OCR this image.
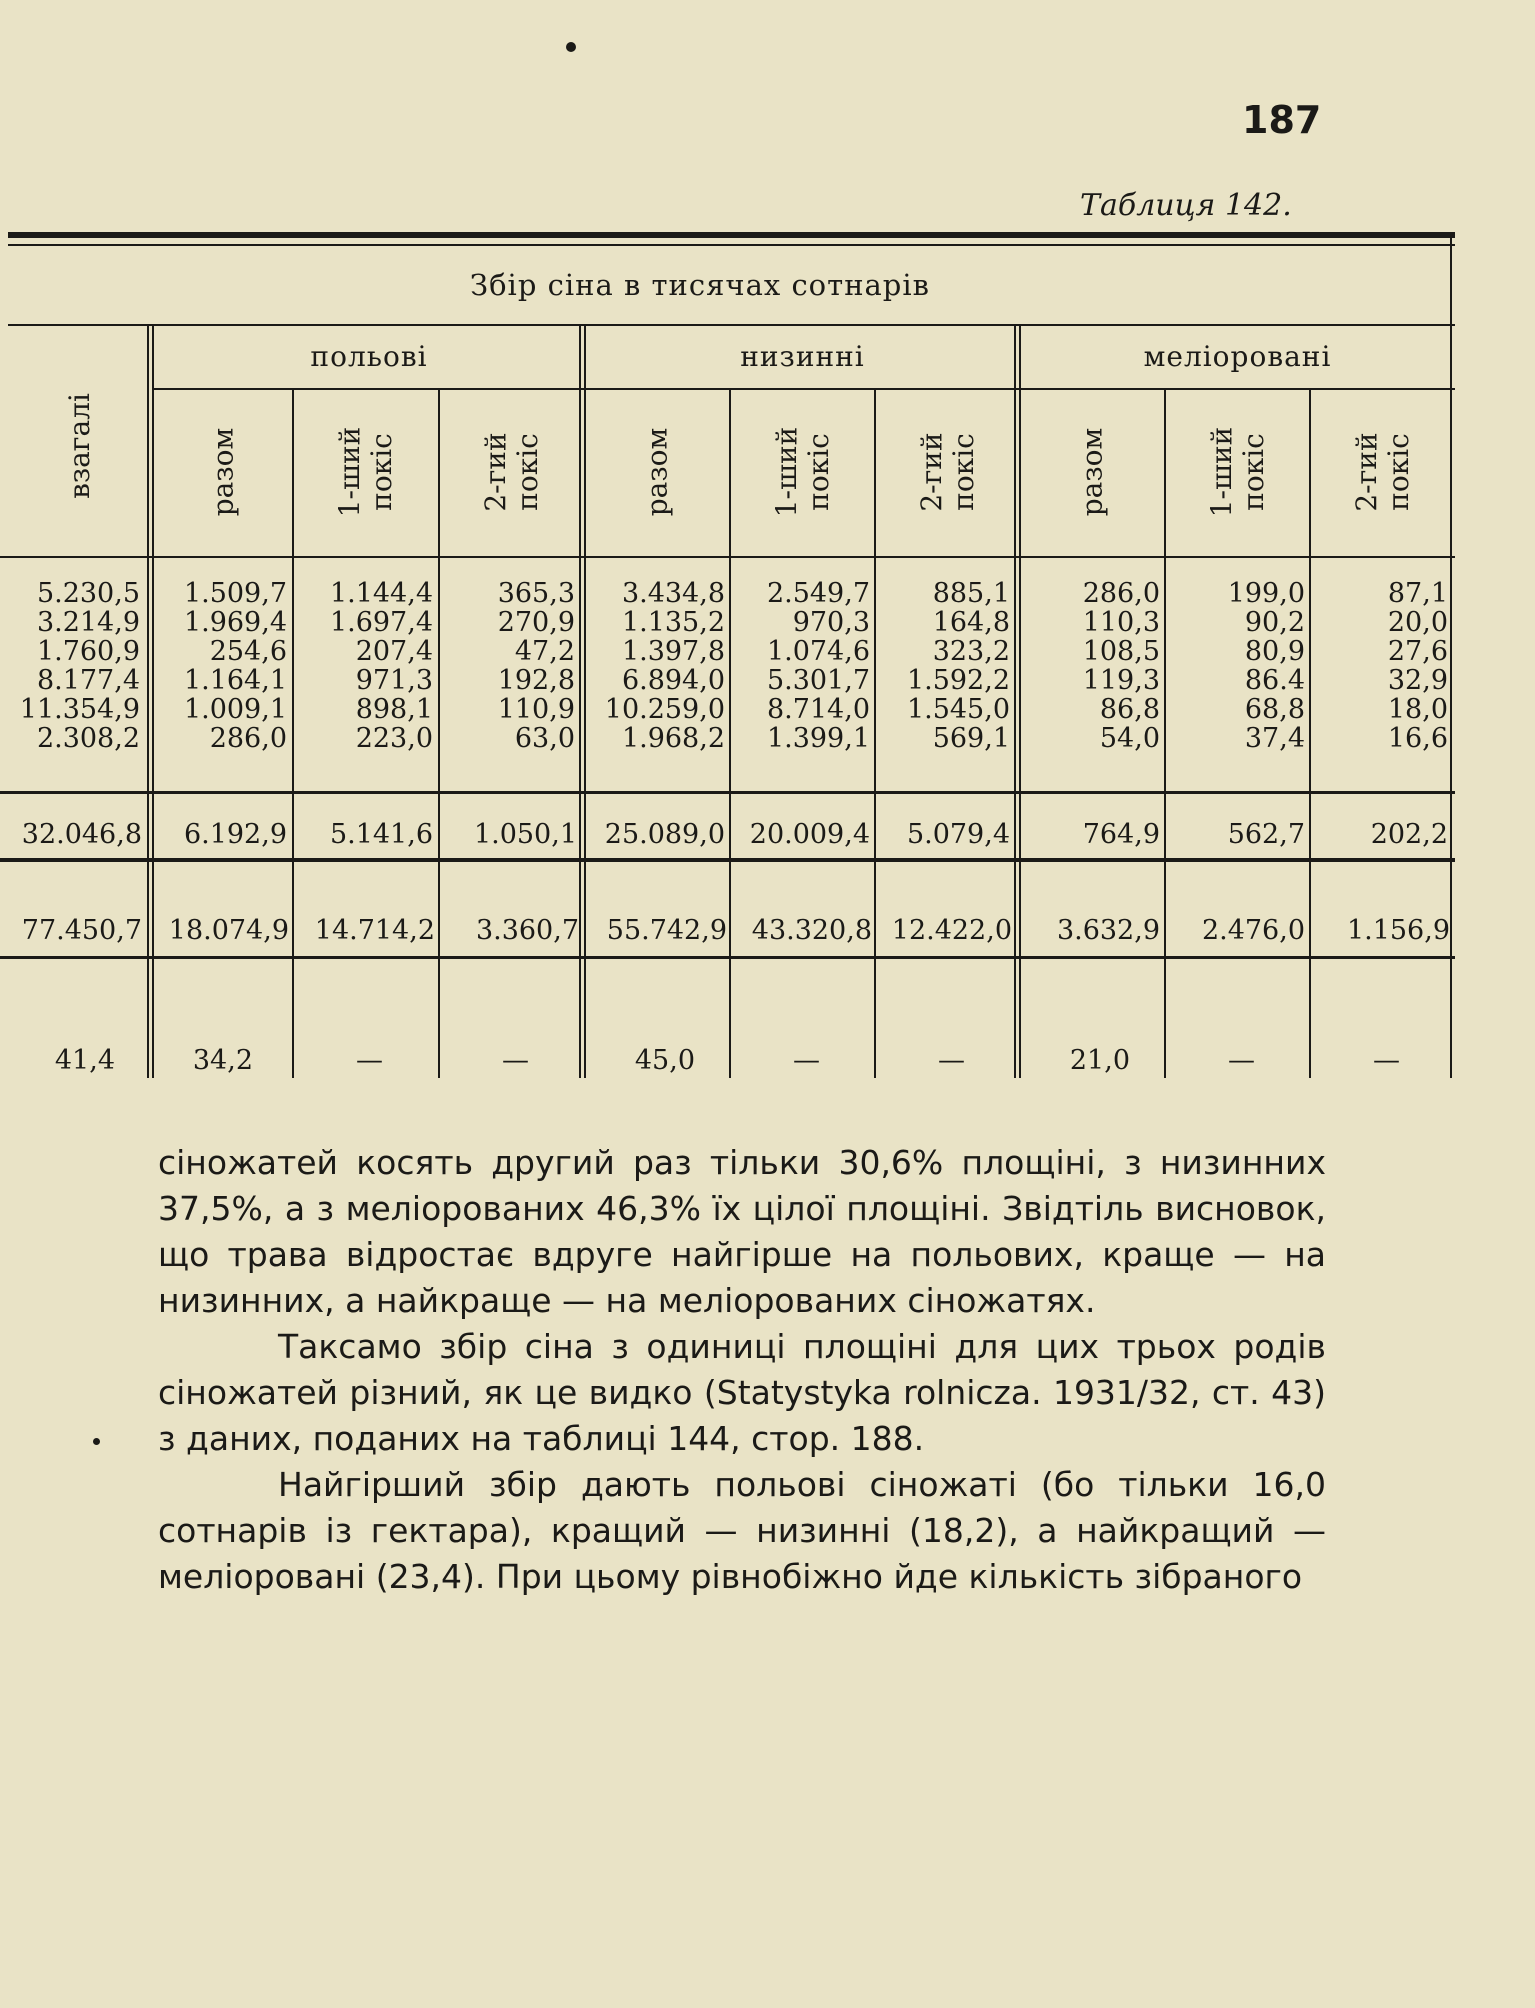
187
Таблиця 142.
Збір сіна в тисячах сотнарів
польові	низинні	меліоровані
взагалі	разом	1-ший покіс	2-гий покіс	разом	1-ший покіс	2-гий покіс	разом	1-ший покіс	2-гий покіс
5.230,5	1.509,7	1.144,4	365,3	3.434,8	2.549,7	885,1	286,0	199,0	87,1
3.214,9	1.969,4	1.697,4	270,9	1.135,2	970,3	164,8	110,3	90,2	20,0
1.760,9	254,6	207,4	47,2	1.397,8	1.074,6	323,2	108,5	80,9	27,6
8.177,4	1.164,1	971,3	192,8	6.894,0	5.301,7	1.592,2	119,3	86.4	32,9
11.354,9	1.009,1	898,1	110,9	10.259,0	8.714,0	1.545,0	86,8	68,8	18,0
2.308,2	286,0	223,0	63,0	1.968,2	1.399,1	569,1	54,0	37,4	16,6
32.046,8	6.192,9	5.141,6	1.050,1	25.089,0 20.009,4	5.079,4	764,9	562,7	202,2
77.450,7 18.074,9 14.714,2	3.360,7	55.742,9 43.320,8 12.422,0	3.632,9	2.476,0	1.156,9
41,4	34,2	—	—	45,0	—	—	21,0	—	—

сіножатей косять другий раз тільки 30,6% площіні, з низинних 37,5%, а з меліорованих 46,3% їх цілої площіні. Звідтіль висновок, що трава відростає вдруге найгірше на польових, краще — на низинних, а найкраще — на меліорованих сіножатях.

Таксамо збір сіна з одиниці площіні для цих трьох родів сіножатей різний, як це видко (Statystyka rolnicza. 1931/32, ст. 43) з даних, поданих на таблиці 144, стор. 188.

Найгірший збір дають польові сіножаті (бо тільки 16,0 сотнарів із гектара), кращий — низинні (18,2), а найкращий — меліоровані (23,4). При цьому рівнобіжно йде кількість зібраного
